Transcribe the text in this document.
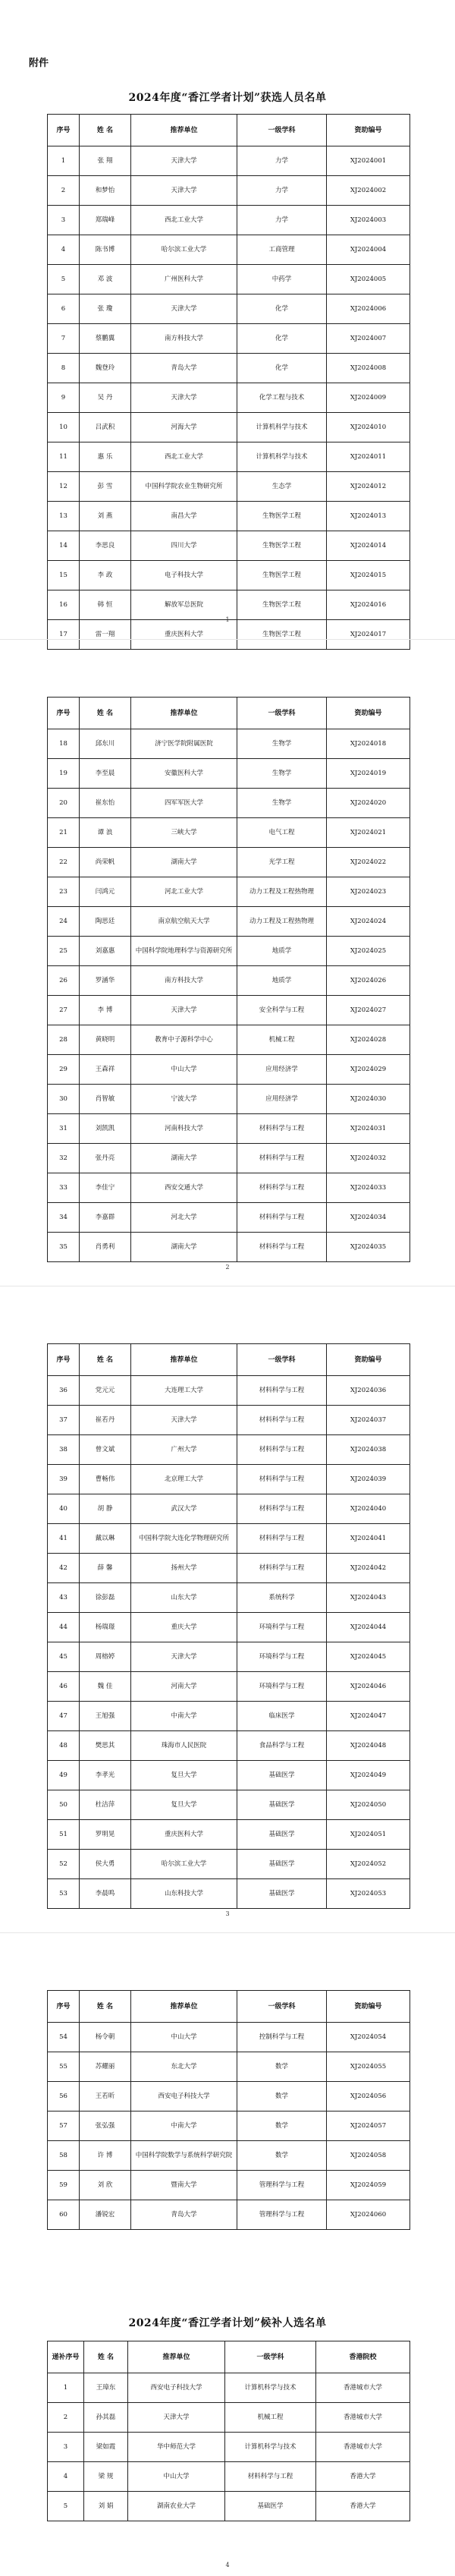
附件
2024年度“香江学者计划”获选人员名单
序号	姓 名	推荐单位	一级学科	资助编号
1	张 翔	天津大学	力学	XJ2024001
2	和梦怡	天津大学	力学	XJ2024002
3	郑瑞峰	西北工业大学	力学	XJ2024003
4	陈书博	哈尔滨工业大学	工商管理	XJ2024004
5	邓 波	广州医科大学	中药学	XJ2024005
6	张 瓊	天津大学	化学	XJ2024006
7	蔡鹏翼	南方科技大学	化学	XJ2024007
8	魏登玲	青岛大学	化学	XJ2024008
9	吴 丹	天津大学	化学工程与技术	XJ2024009
10	吕武积	河海大学	计算机科学与技术	XJ2024010
11	惠 乐	西北工业大学	计算机科学与技术	XJ2024011
12	彭 雪	中国科学院农业生物研究所	生态学	XJ2024012
13	刘 燕	南昌大学	生物医学工程	XJ2024013
14	李思良	四川大学	生物医学工程	XJ2024014
15	李 政	电子科技大学	生物医学工程	XJ2024015
16	韩 恒	解放军总医院	生物医学工程	XJ2024016
17	雷一翔	重庆医科大学	生物医学工程	XJ2024017
1
序号	姓 名	推荐单位	一级学科	资助编号
18	邱东川	济宁医学院附属医院	生物学	XJ2024018
19	李至晨	安徽医科大学	生物学	XJ2024019
20	崔东怡	四军军医大学	生物学	XJ2024020
21	谭 浪	三峡大学	电气工程	XJ2024021
22	尚荣帆	湖南大学	光学工程	XJ2024022
23	闫鸿元	河北工业大学	动力工程及工程热物理	XJ2024023
24	陶思廷	南京航空航天大学	动力工程及工程热物理	XJ2024024
25	刘嘉惠	中国科学院地理科学与资源研究所	地质学	XJ2024025
26	罗涵华	南方科技大学	地质学	XJ2024026
27	李 博	天津大学	安全科学与工程	XJ2024027
28	黄晓明	教育中子源科学中心	机械工程	XJ2024028
29	王森祥	中山大学	应用经济学	XJ2024029
30	肖智敏	宁波大学	应用经济学	XJ2024030
31	刘凯凯	河南科技大学	材料科学与工程	XJ2024031
32	张丹亮	湖南大学	材料科学与工程	XJ2024032
33	李佳宁	西安交通大学	材料科学与工程	XJ2024033
34	李嘉群	河北大学	材料科学与工程	XJ2024034
35	肖勇利	湖南大学	材料科学与工程	XJ2024035
2
序号	姓 名	推荐单位	一级学科	资助编号
36	党元元	大连理工大学	材料科学与工程	XJ2024036
37	崔若丹	天津大学	材料科学与工程	XJ2024037
38	曾文斌	广州大学	材料科学与工程	XJ2024038
39	曹畅伟	北京理工大学	材料科学与工程	XJ2024039
40	胡 静	武汉大学	材料科学与工程	XJ2024040
41	戴以琳	中国科学院大连化学物理研究所	材料科学与工程	XJ2024041
42	薛 馨	扬州大学	材料科学与工程	XJ2024042
43	徐彭磊	山东大学	系统科学	XJ2024043
44	杨瑞璟	重庆大学	环境科学与工程	XJ2024044
45	周榕婷	天津大学	环境科学与工程	XJ2024045
46	魏 佳	河南大学	环境科学与工程	XJ2024046
47	王旭强	中南大学	临床医学	XJ2024047
48	樊思其	珠海市人民医院	食品科学与工程	XJ2024048
49	李孝光	复旦大学	基础医学	XJ2024049
50	杜洁萍	复旦大学	基础医学	XJ2024050
51	罗明晃	重庆医科大学	基础医学	XJ2024051
52	侯大勇	哈尔滨工业大学	基础医学	XJ2024052
53	李晨鸣	山东科技大学	基础医学	XJ2024053
3
序号	姓 名	推荐单位	一级学科	资助编号
54	杨令朝	中山大学	控制科学与工程	XJ2024054
55	苏耀丽	东北大学	数学	XJ2024055
56	王若昕	西安电子科技大学	数学	XJ2024056
57	张弘强	中南大学	数学	XJ2024057
58	许 博	中国科学院数学与系统科学研究院	数学	XJ2024058
59	刘 欣	暨南大学	管理科学与工程	XJ2024059
60	潘锐宏	青岛大学	管理科学与工程	XJ2024060
2024年度“香江学者计划”候补人选名单
递补序号	姓 名	推荐单位	一级学科	香港院校
1	王璋东	西安电子科技大学	计算机科学与技术	香港城市大学
2	孙其磊	天津大学	机械工程	香港城市大学
3	梁如霞	华中师范大学	计算机科学与技术	香港城市大学
4	梁 规	中山大学	材料科学与工程	香港大学
5	刘 娟	湖南农业大学	基础医学	香港大学
4
